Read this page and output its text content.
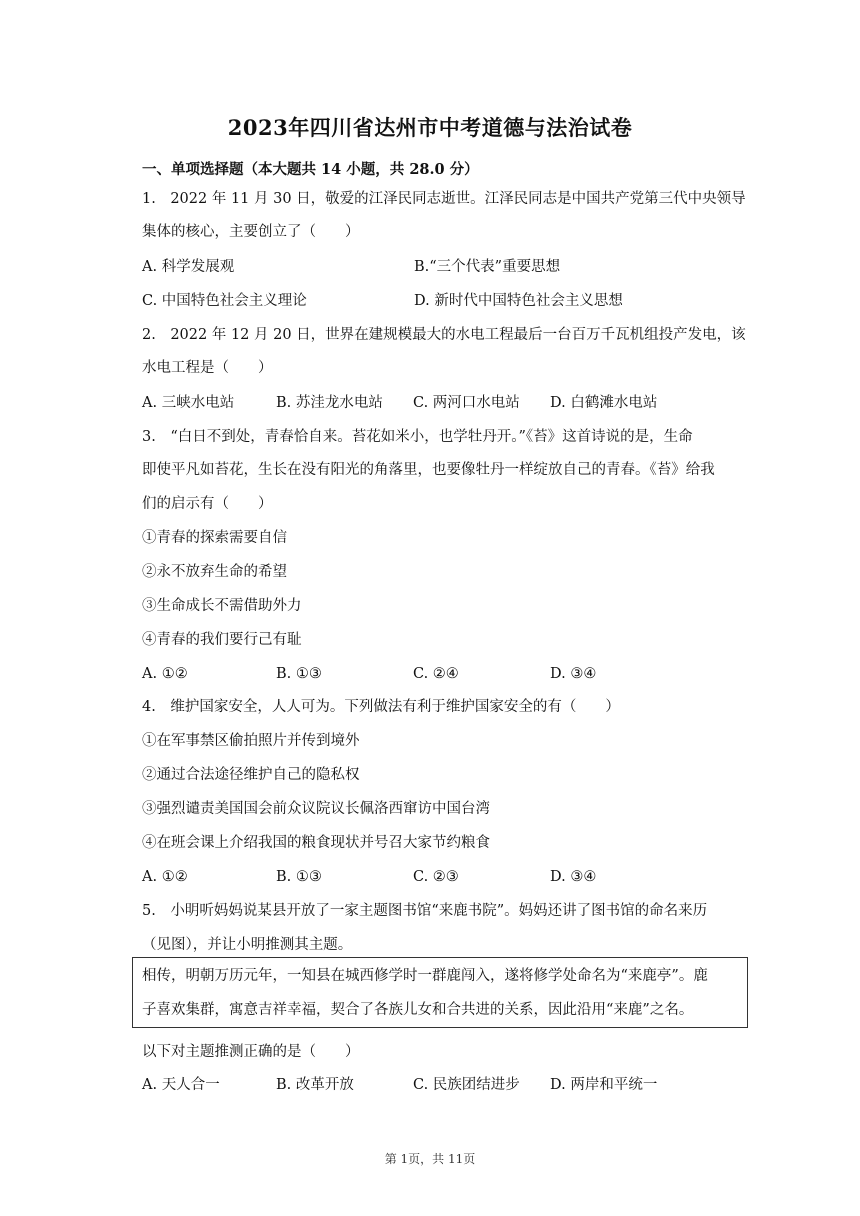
2023年四川省达州市中考道德与法治试卷
一、单项选择题（本大题共 14 小题，共 28.0 分）
1.　2022 年 11 月 30 日，敬爱的江泽民同志逝世。江泽民同志是中国共产党第三代中央领导
集体的核心，主要创立了（　　）
A. 科学发展观	B.“三个代表”重要思想
C. 中国特色社会主义理论	D. 新时代中国特色社会主义思想
2.　2022 年 12 月 20 日，世界在建规模最大的水电工程最后一台百万千瓦机组投产发电，该
水电工程是（　　）
A. 三峡水电站	B. 苏洼龙水电站 C. 两河口水电站 D. 白鹤滩水电站
3.　“白日不到处，青春恰自来。苔花如米小，也学牡丹开。”《苔》这首诗说的是，生命
即使平凡如苔花，生长在没有阳光的角落里，也要像牡丹一样绽放自己的青春。《苔》给我
们的启示有（　　）
①青春的探索需要自信
②永不放弃生命的希望
③生命成长不需借助外力
④青春的我们要行己有耻
A. ①②	B. ①③	C. ②④	D. ③④
4.　维护国家安全，人人可为。下列做法有利于维护国家安全的有（　　）
①在军事禁区偷拍照片并传到境外
②通过合法途径维护自己的隐私权
③强烈谴责美国国会前众议院议长佩洛西窜访中国台湾
④在班会课上介绍我国的粮食现状并号召大家节约粮食
A. ①②	B. ①③	C. ②③	D. ③④
5.　小明听妈妈说某县开放了一家主题图书馆“来鹿书院”。妈妈还讲了图书馆的命名来历
（见图），并让小明推测其主题。
相传，明朝万历元年，一知县在城西修学时一群鹿闯入，遂将修学处命名为“来鹿亭”。鹿
子喜欢集群，寓意吉祥幸福，契合了各族儿女和合共进的关系，因此沿用“来鹿”之名。
以下对主题推测正确的是（　　）
A. 天人合一	B. 改革开放	C. 民族团结进步 D. 两岸和平统一
第 1页，共 11页
